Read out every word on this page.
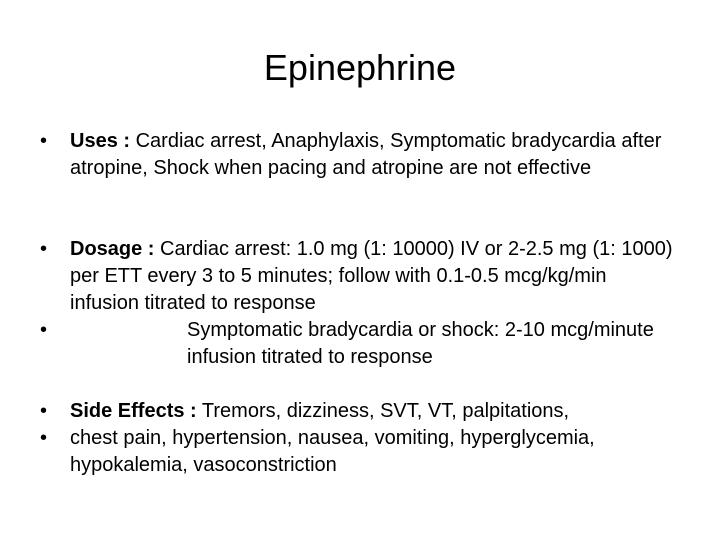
Epinephrine
•	Uses : Cardiac arrest, Anaphylaxis, Symptomatic bradycardia after atropine, Shock when pacing and atropine are not effective
•	Dosage : Cardiac arrest: 1.0 mg (1: 10000) IV or 2-2.5 mg (1: 1000) per ETT every 3 to 5 minutes; follow with 0.1-0.5 mcg/kg/min infusion titrated to response
•	Symptomatic bradycardia or shock: 2-10 mcg/minute infusion titrated to response
•	Side Effects : Tremors, dizziness, SVT, VT, palpitations,
•	chest pain, hypertension, nausea, vomiting, hyperglycemia, hypokalemia, vasoconstriction
